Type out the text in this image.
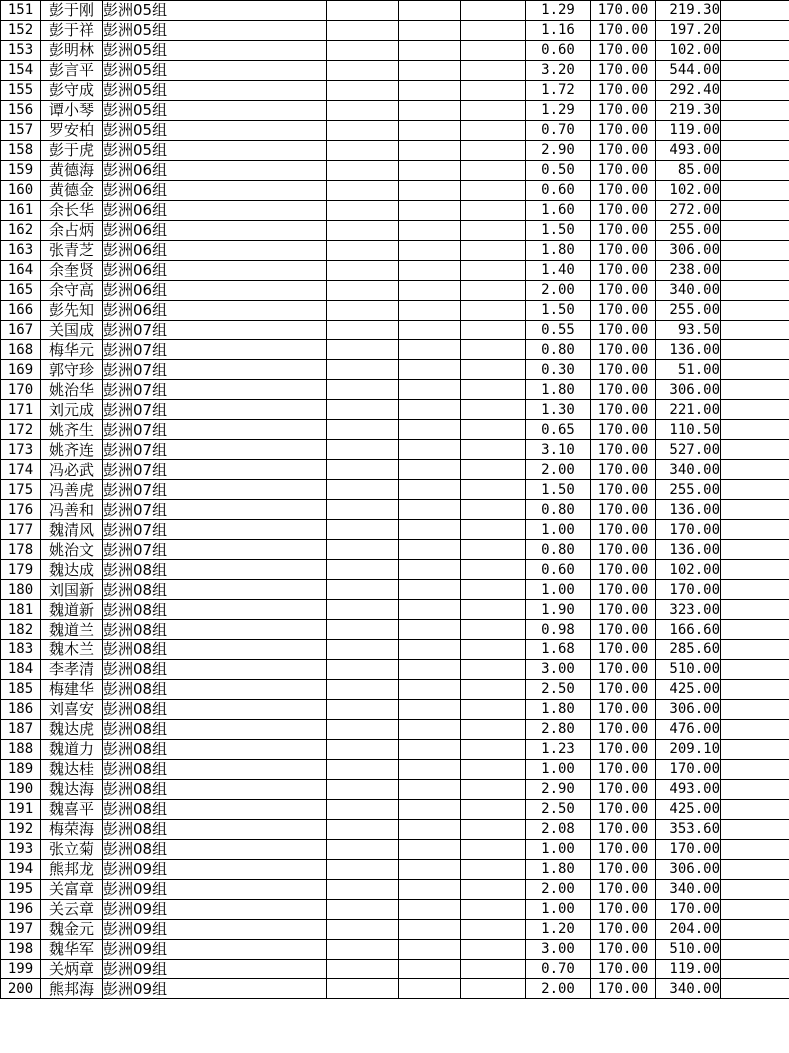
151	彭于刚	彭洲05组				1.29	170.00	219.30	
152	彭于祥	彭洲05组				1.16	170.00	197.20	
153	彭明林	彭洲05组				0.60	170.00	102.00	
154	彭言平	彭洲05组				3.20	170.00	544.00	
155	彭守成	彭洲05组				1.72	170.00	292.40	
156	谭小琴	彭洲05组				1.29	170.00	219.30	
157	罗安柏	彭洲05组				0.70	170.00	119.00	
158	彭于虎	彭洲05组				2.90	170.00	493.00	
159	黄德海	彭洲06组				0.50	170.00	85.00	
160	黄德金	彭洲06组				0.60	170.00	102.00	
161	余长华	彭洲06组				1.60	170.00	272.00	
162	余占炳	彭洲06组				1.50	170.00	255.00	
163	张青芝	彭洲06组				1.80	170.00	306.00	
164	余奎贤	彭洲06组				1.40	170.00	238.00	
165	余守高	彭洲06组				2.00	170.00	340.00	
166	彭先知	彭洲06组				1.50	170.00	255.00	
167	关国成	彭洲07组				0.55	170.00	93.50	
168	梅华元	彭洲07组				0.80	170.00	136.00	
169	郭守珍	彭洲07组				0.30	170.00	51.00	
170	姚治华	彭洲07组				1.80	170.00	306.00	
171	刘元成	彭洲07组				1.30	170.00	221.00	
172	姚齐生	彭洲07组				0.65	170.00	110.50	
173	姚齐连	彭洲07组				3.10	170.00	527.00	
174	冯必武	彭洲07组				2.00	170.00	340.00	
175	冯善虎	彭洲07组				1.50	170.00	255.00	
176	冯善和	彭洲07组				0.80	170.00	136.00	
177	魏清风	彭洲07组				1.00	170.00	170.00	
178	姚治文	彭洲07组				0.80	170.00	136.00	
179	魏达成	彭洲08组				0.60	170.00	102.00	
180	刘国新	彭洲08组				1.00	170.00	170.00	
181	魏道新	彭洲08组				1.90	170.00	323.00	
182	魏道兰	彭洲08组				0.98	170.00	166.60	
183	魏木兰	彭洲08组				1.68	170.00	285.60	
184	李孝清	彭洲08组				3.00	170.00	510.00	
185	梅建华	彭洲08组				2.50	170.00	425.00	
186	刘喜安	彭洲08组				1.80	170.00	306.00	
187	魏达虎	彭洲08组				2.80	170.00	476.00	
188	魏道力	彭洲08组				1.23	170.00	209.10	
189	魏达桂	彭洲08组				1.00	170.00	170.00	
190	魏达海	彭洲08组				2.90	170.00	493.00	
191	魏喜平	彭洲08组				2.50	170.00	425.00	
192	梅荣海	彭洲08组				2.08	170.00	353.60	
193	张立菊	彭洲08组				1.00	170.00	170.00	
194	熊邦龙	彭洲09组				1.80	170.00	306.00	
195	关富章	彭洲09组				2.00	170.00	340.00	
196	关云章	彭洲09组				1.00	170.00	170.00	
197	魏金元	彭洲09组				1.20	170.00	204.00	
198	魏华军	彭洲09组				3.00	170.00	510.00	
199	关炳章	彭洲09组				0.70	170.00	119.00	
200	熊邦海	彭洲09组				2.00	170.00	340.00	
